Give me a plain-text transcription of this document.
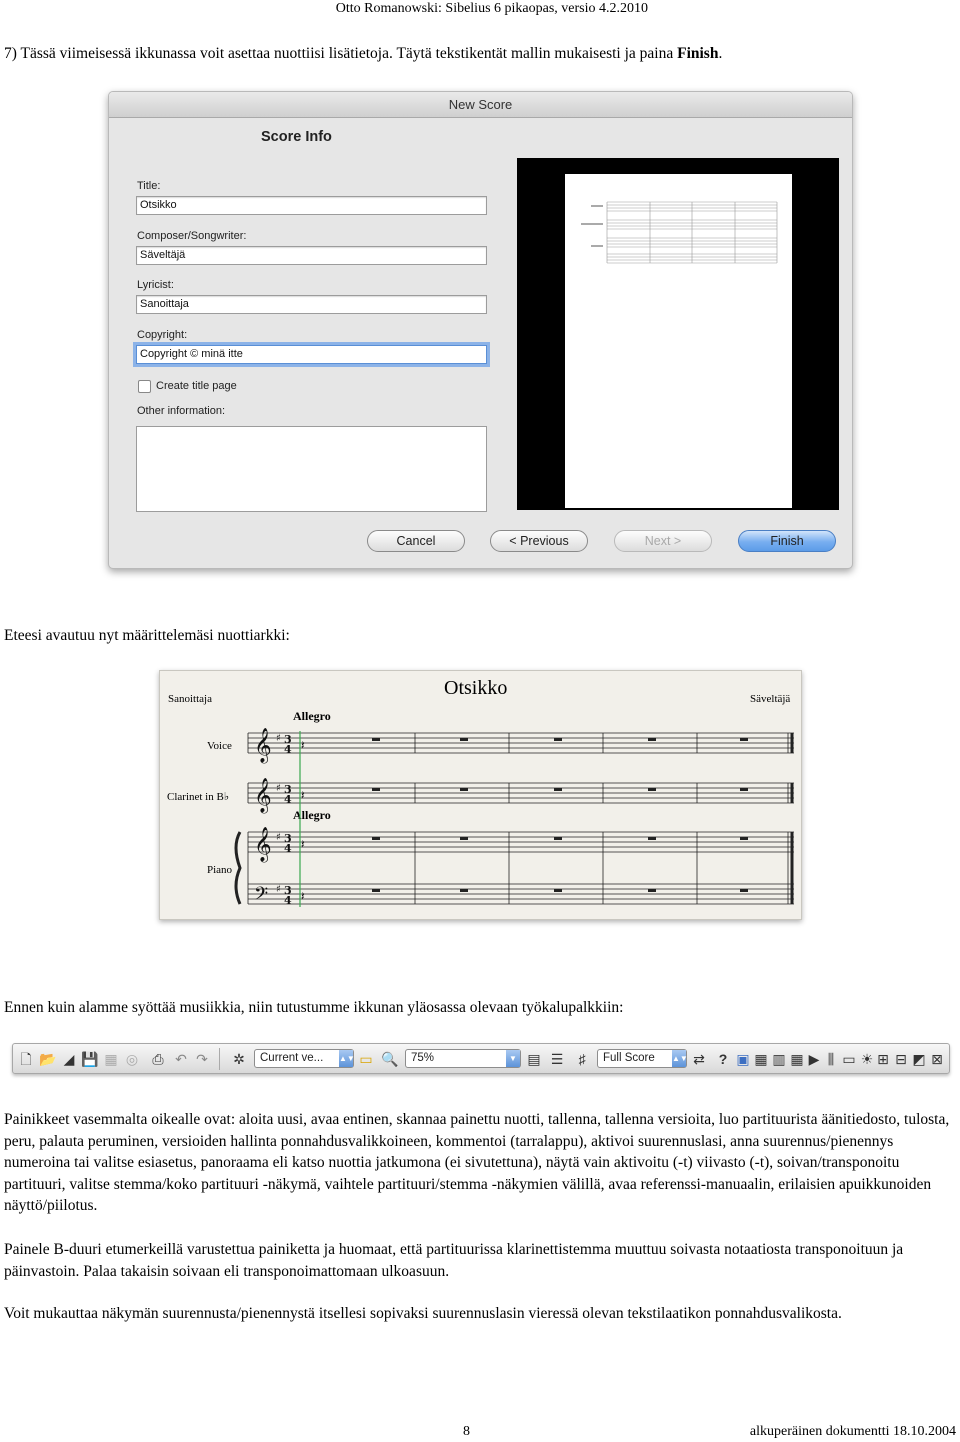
Otto Romanowski: Sibelius 6 pikaopas, versio 4.2.2010
7) Tässä viimeisessä ikkunassa voit asettaa nuottiisi lisätietoja. Täytä tekstikentät mallin mukaisesti ja paina Finish.
New Score
Score Info
Title:
Otsikko
Composer/Songwriter:
Säveltäjä
Lyricist:
Sanoittaja
Copyright:
Copyright © minä itte
Create title page
Other information:
Cancel	< Previous	Next >	Finish
Eteesi avautuu nyt määrittelemäsi nuottiarkki:
Otsikko
Sanoittaja	Säveltäjä
Allegro
Allegro
Voice
Clarinet in B♭
Piano
𝄞
𝄞
𝄞
𝄢
♯
♯
♯
♯
3
4
3
4
3
4
3
4
𝄽
𝄽
𝄽
𝄽
Ennen kuin alamme syöttää musiikkia, niin tutustumme ikkunan yläosassa olevaan työkalupalkkiin:
🗋 📂 ◢ 💾 ▦ ◎ ⎙ ↶ ↷ ✲	Current ve... ▲▼ ▭ 🔍	75%	▼ ▤ ☰	♯	Full Score ▲▼ ⇄ ? ▣ ▦ ▥ ▦ ▶ ⫼ ▭ ☀ ⊞ ⊟ ◩ ⊠
Painikkeet vasemmalta oikealle ovat: aloita uusi, avaa entinen, skannaa painettu nuotti, tallenna, tallenna versioita, luo partituurista äänitiedosto, tulosta, peru, palauta peruminen, versioiden hallinta ponnahdusvalikkoineen, kommentoi (tarralappu), aktivoi suurennuslasi, anna suurennus/pienennys numeroina tai valitse esiasetus, panoraama eli katso nuottia jatkumona (ei sivutettuna), näytä vain aktivoitu (-t) viivasto (-t), soivan/transponoitu partituuri, valitse stemma/koko partituuri -näkymä, vaihtele partituuri/stemma -näkymien välillä, avaa referenssi-manuaalin, erilaisien apuikkunoiden näyttö/piilotus.
Painele B-duuri etumerkeillä varustettua painiketta ja huomaat, että partituurissa klarinettistemma muuttuu soivasta notaatiosta transponoituun ja päinvastoin. Palaa takaisin soivaan eli transponoimattomaan ulkoasuun.
Voit mukauttaa näkymän suurennusta/pienennystä itsellesi sopivaksi suurennuslasin vieressä olevan tekstilaatikon ponnahdusvalikosta.
8	alkuperäinen dokumentti 18.10.2004
